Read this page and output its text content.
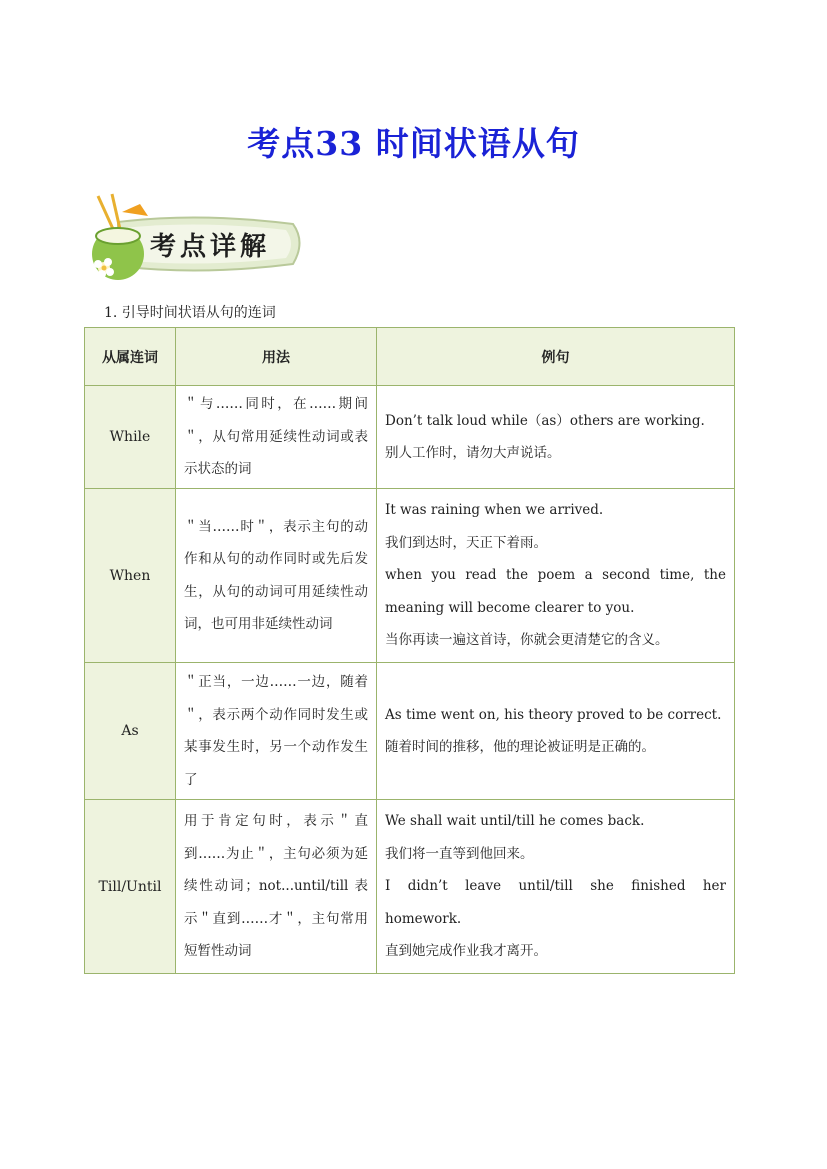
考点33 时间状语从句
考点详解
1. 引导时间状语从句的连词
从属连词	用法	例句
While	＂与……同时，在……期间＂，从句常用延续性动词或表示状态的词	Don’t talk loud while（as）others are working.
别人工作时，请勿大声说话。

When	＂当……时＂，表示主句的动作和从句的动作同时或先后发生，从句的动词可用延续性动词，也可用非延续性动词	It was raining when we arrived.
我们到达时，天正下着雨。
when you read the poem a second time, the meaning will become clearer to you.
当你再读一遍这首诗，你就会更清楚它的含义。

As	＂正当，一边……一边，随着＂，表示两个动作同时发生或某事发生时，另一个动作发生了	As time went on, his theory proved to be correct.
随着时间的推移，他的理论被证明是正确的。

Till/Until	用于肯定句时，表示＂直到……为止＂，主句必须为延续性动词；not...until/till 表示＂直到……才＂，主句常用短暂性动词	We shall wait until/till he comes back.
我们将一直等到他回来。
I didn’t leave until/till she finished her homework.
直到她完成作业我才离开。
